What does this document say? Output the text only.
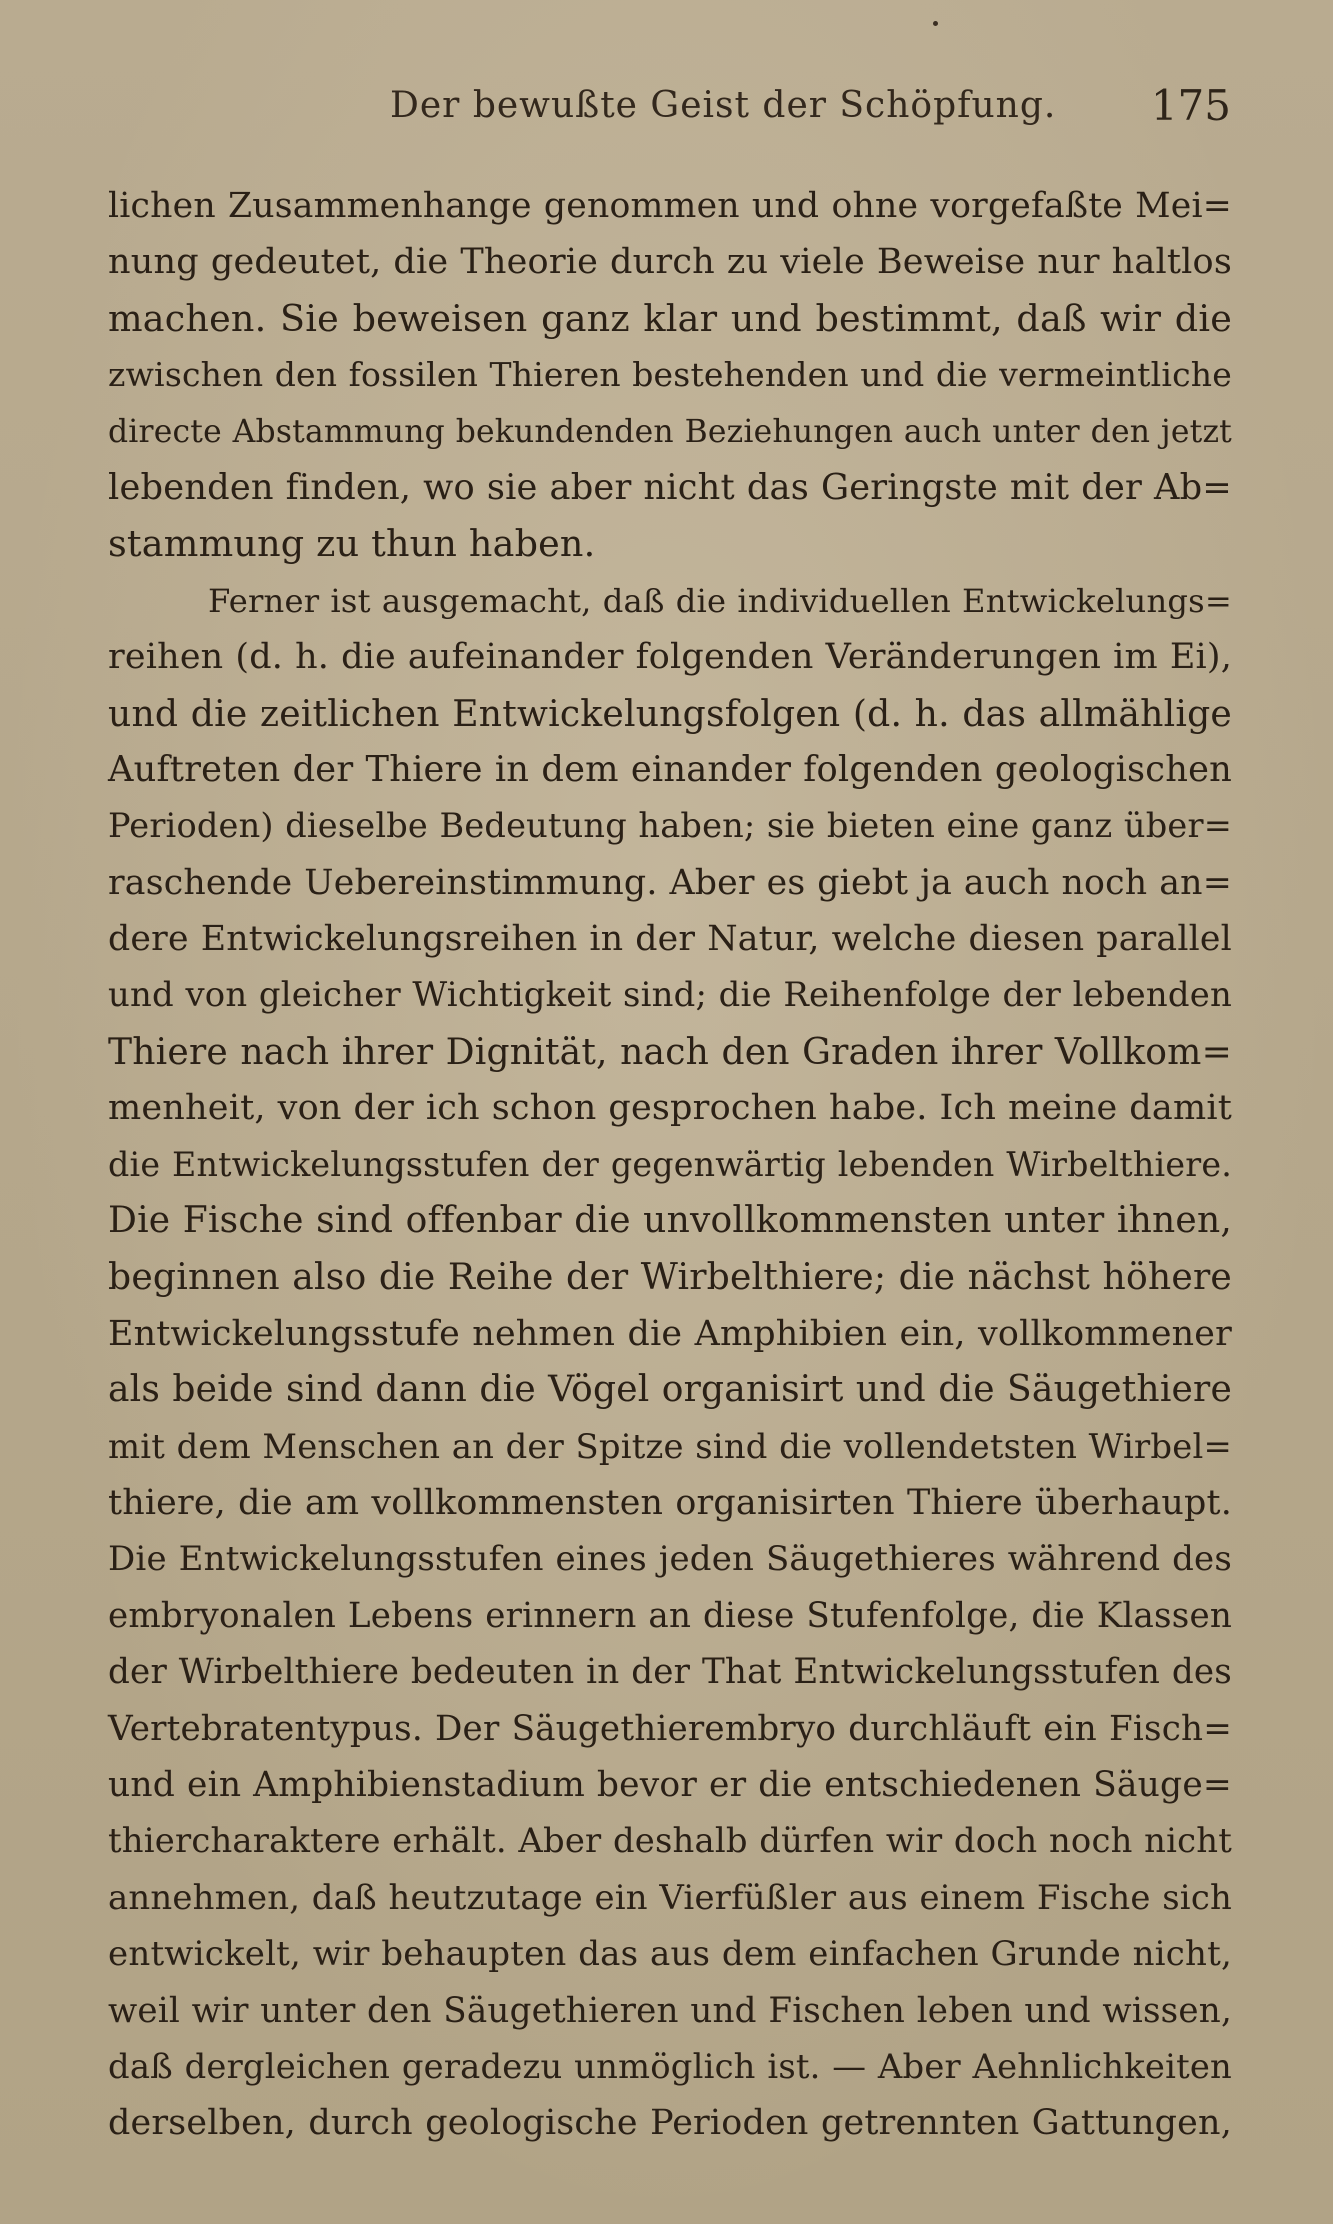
Der bewußte Geist der Schöpfung. 175
lichen Zusammenhange genommen und ohne vorgefaßte Mei=
nung gedeutet, die Theorie durch zu viele Beweise nur haltlos
machen. Sie beweisen ganz klar und bestimmt, daß wir die
zwischen den fossilen Thieren bestehenden und die vermeintliche
directe Abstammung bekundenden Beziehungen auch unter den jetzt
lebenden finden, wo sie aber nicht das Geringste mit der Ab=
stammung zu thun haben.
Ferner ist ausgemacht, daß die individuellen Entwickelungs=
reihen (d. h. die aufeinander folgenden Veränderungen im Ei),
und die zeitlichen Entwickelungsfolgen (d. h. das allmählige
Auftreten der Thiere in dem einander folgenden geologischen
Perioden) dieselbe Bedeutung haben; sie bieten eine ganz über=
raschende Uebereinstimmung. Aber es giebt ja auch noch an=
dere Entwickelungsreihen in der Natur, welche diesen parallel
und von gleicher Wichtigkeit sind; die Reihenfolge der lebenden
Thiere nach ihrer Dignität, nach den Graden ihrer Vollkom=
menheit, von der ich schon gesprochen habe. Ich meine damit
die Entwickelungsstufen der gegenwärtig lebenden Wirbelthiere.
Die Fische sind offenbar die unvollkommensten unter ihnen,
beginnen also die Reihe der Wirbelthiere; die nächst höhere
Entwickelungsstufe nehmen die Amphibien ein, vollkommener
als beide sind dann die Vögel organisirt und die Säugethiere
mit dem Menschen an der Spitze sind die vollendetsten Wirbel=
thiere, die am vollkommensten organisirten Thiere überhaupt.
Die Entwickelungsstufen eines jeden Säugethieres während des
embryonalen Lebens erinnern an diese Stufenfolge, die Klassen
der Wirbelthiere bedeuten in der That Entwickelungsstufen des
Vertebratentypus. Der Säugethierembryo durchläuft ein Fisch=
und ein Amphibienstadium bevor er die entschiedenen Säuge=
thiercharaktere erhält. Aber deshalb dürfen wir doch noch nicht
annehmen, daß heutzutage ein Vierfüßler aus einem Fische sich
entwickelt, wir behaupten das aus dem einfachen Grunde nicht,
weil wir unter den Säugethieren und Fischen leben und wissen,
daß dergleichen geradezu unmöglich ist. — Aber Aehnlichkeiten
derselben, durch geologische Perioden getrennten Gattungen,
